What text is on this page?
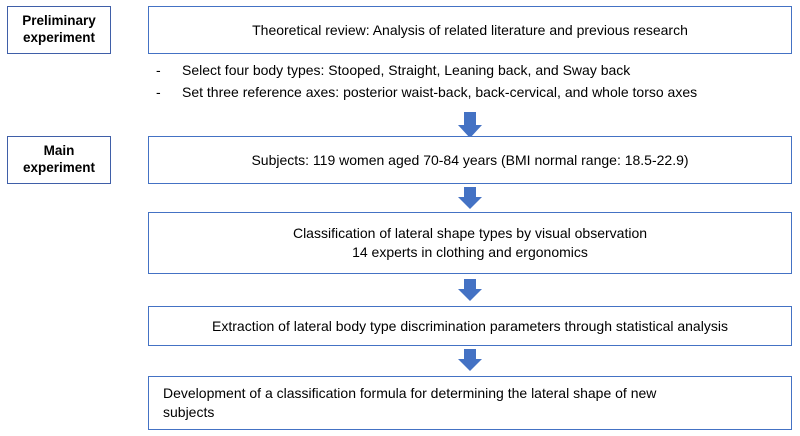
Preliminary
experiment	Theoretical review: Analysis of related literature and previous research
-	Select four body types: Stooped, Straight, Leaning back, and Sway back
-	Set three reference axes: posterior waist-back, back-cervical, and whole torso axes
Main
experiment	Subjects: 119 women aged 70-84 years (BMI normal range: 18.5-22.9)
Classification of lateral shape types by visual observation
14 experts in clothing and ergonomics
Extraction of lateral body type discrimination parameters through statistical analysis
Development of a classification formula for determining the lateral shape of new
subjects
